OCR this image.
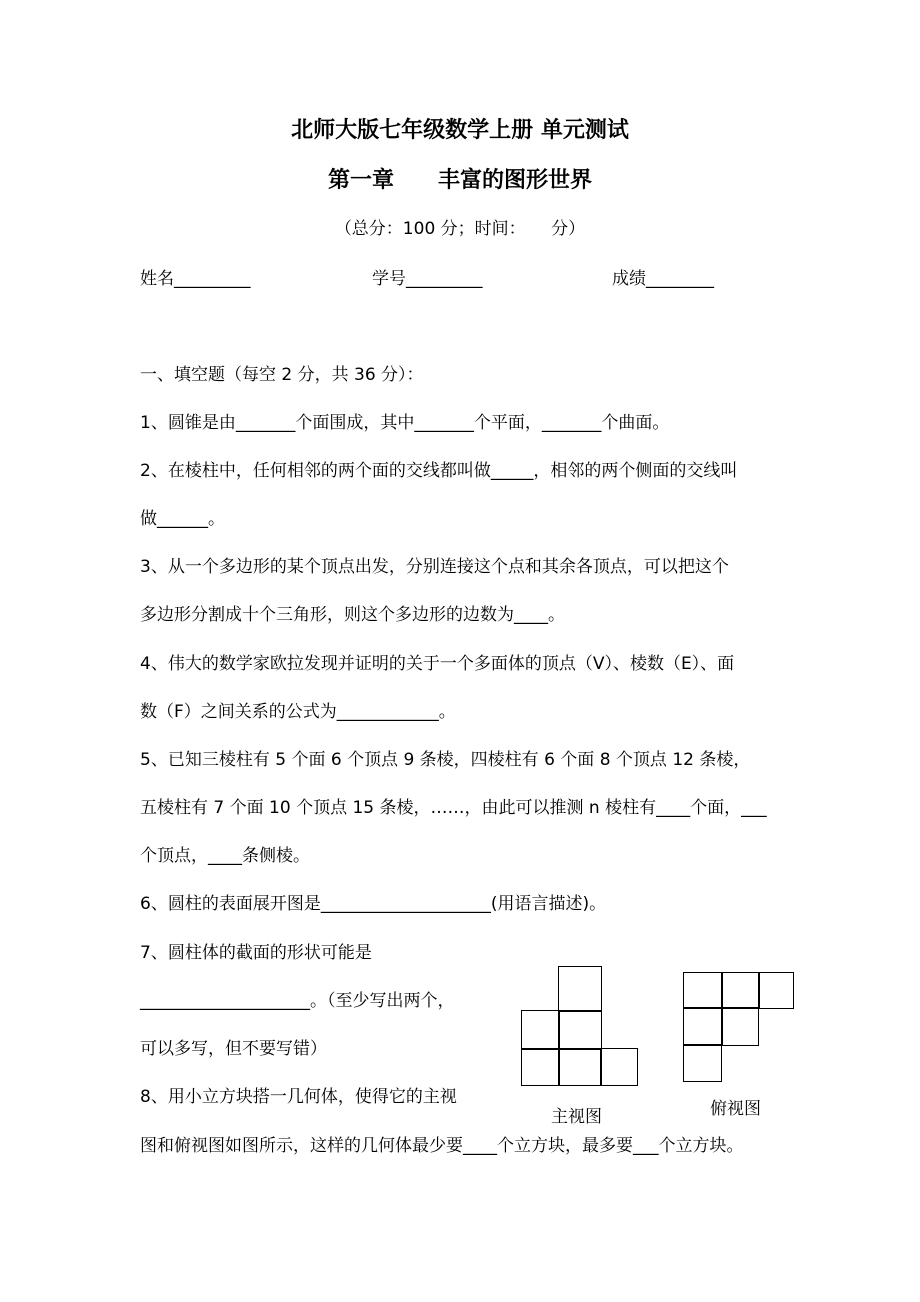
北师大版七年级数学上册 单元测试
第一章　　丰富的图形世界
（总分：100 分；时间：　　分）
姓名_________	学号_________	成绩________
一、填空题（每空 2 分，共 36 分）：
1、圆锥是由_______个面围成，其中_______个平面，_______个曲面。
2、在棱柱中，任何相邻的两个面的交线都叫做_____，相邻的两个侧面的交线叫
做______。
3、从一个多边形的某个顶点出发，分别连接这个点和其余各顶点，可以把这个
多边形分割成十个三角形，则这个多边形的边数为____。
4、伟大的数学家欧拉发现并证明的关于一个多面体的顶点（V）、棱数（E）、面
数（F）之间关系的公式为____________。
5、已知三棱柱有 5 个面 6 个顶点 9 条棱，四棱柱有 6 个面 8 个顶点 12 条棱，
五棱柱有 7 个面 10 个顶点 15 条棱，……，由此可以推测 n 棱柱有____个面，___
个顶点，____条侧棱。
6、圆柱的表面展开图是____________________(用语言描述)。
7、圆柱体的截面的形状可能是
____________________。（至少写出两个，
可以多写，但不要写错）
8、用小立方块搭一几何体，使得它的主视
图和俯视图如图所示，这样的几何体最少要____个立方块，最多要___个立方块。
主视图	俯视图
